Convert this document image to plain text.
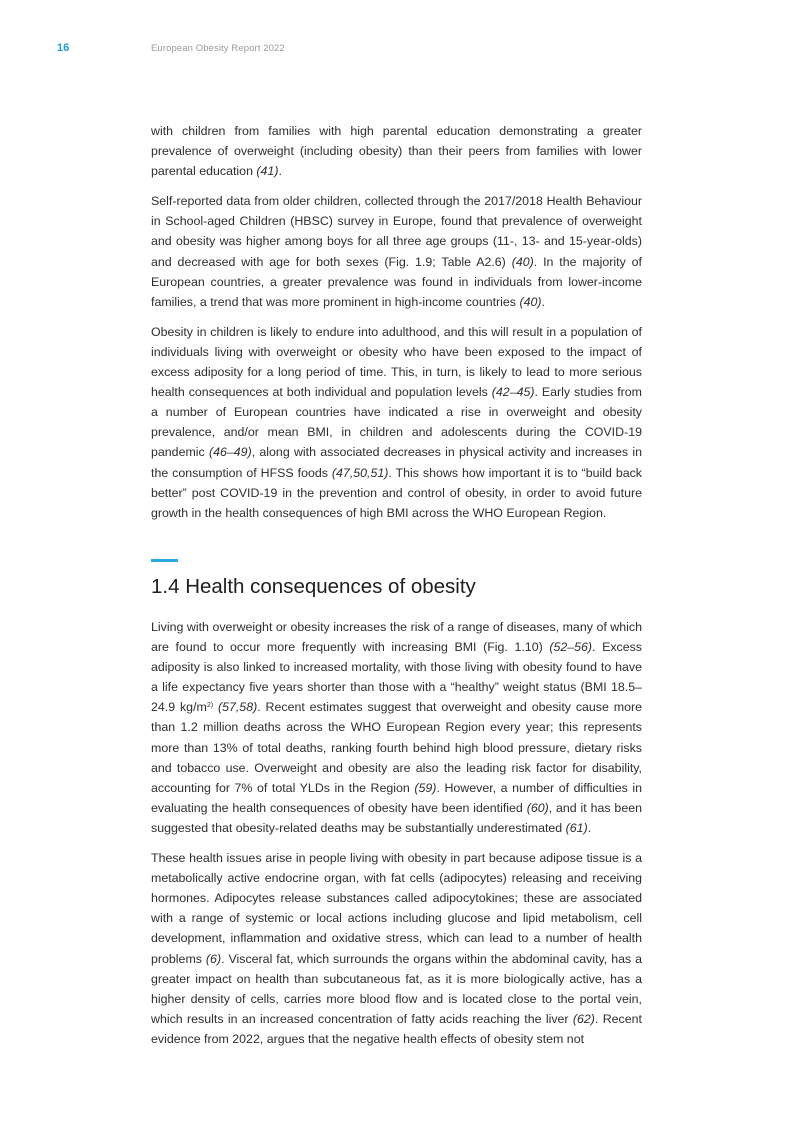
16	European Obesity Report 2022

with children from families with high parental education demonstrating a greater prevalence of overweight (including obesity) than their peers from families with lower parental education (41).

Self-reported data from older children, collected through the 2017/2018 Health Behaviour in School-aged Children (HBSC) survey in Europe, found that prevalence of overweight and obesity was higher among boys for all three age groups (11-, 13- and 15-year-olds) and decreased with age for both sexes (Fig. 1.9; Table A2.6) (40). In the majority of European countries, a greater prevalence was found in individuals from lower-income families, a trend that was more prominent in high-income countries (40).

Obesity in children is likely to endure into adulthood, and this will result in a population of individuals living with overweight or obesity who have been exposed to the impact of excess adiposity for a long period of time. This, in turn, is likely to lead to more serious health consequences at both individual and population levels (42–45). Early studies from a number of European countries have indicated a rise in overweight and obesity prevalence, and/or mean BMI, in children and adolescents during the COVID-19 pandemic (46–49), along with associated decreases in physical activity and increases in the consumption of HFSS foods (47,50,51). This shows how important it is to “build back better” post COVID-19 in the prevention and control of obesity, in order to avoid future growth in the health consequences of high BMI across the WHO European Region.

1.4 Health consequences of obesity

Living with overweight or obesity increases the risk of a range of diseases, many of which are found to occur more frequently with increasing BMI (Fig. 1.10) (52–56). Excess adiposity is also linked to increased mortality, with those living with obesity found to have a life expectancy five years shorter than those with a “healthy” weight status (BMI 18.5–24.9 $kg/m^{2)}$ (57,58). Recent estimates suggest that overweight and obesity cause more than 1.2 million deaths across the WHO European Region every year; this represents more than 13% of total deaths, ranking fourth behind high blood pressure, dietary risks and tobacco use. Overweight and obesity are also the leading risk factor for disability, accounting for 7% of total YLDs in the Region (59). However, a number of difficulties in evaluating the health consequences of obesity have been identified (60), and it has been suggested that obesity-related deaths may be substantially underestimated (61).

These health issues arise in people living with obesity in part because adipose tissue is a metabolically active endocrine organ, with fat cells (adipocytes) releasing and receiving hormones. Adipocytes release substances called adipocytokines; these are associated with a range of systemic or local actions including glucose and lipid metabolism, cell development, inflammation and oxidative stress, which can lead to a number of health problems (6). Visceral fat, which surrounds the organs within the abdominal cavity, has a greater impact on health than subcutaneous fat, as it is more biologically active, has a higher density of cells, carries more blood flow and is located close to the portal vein, which results in an increased concentration of fatty acids reaching the liver (62). Recent evidence from 2022, argues that the negative health effects of obesity stem not
